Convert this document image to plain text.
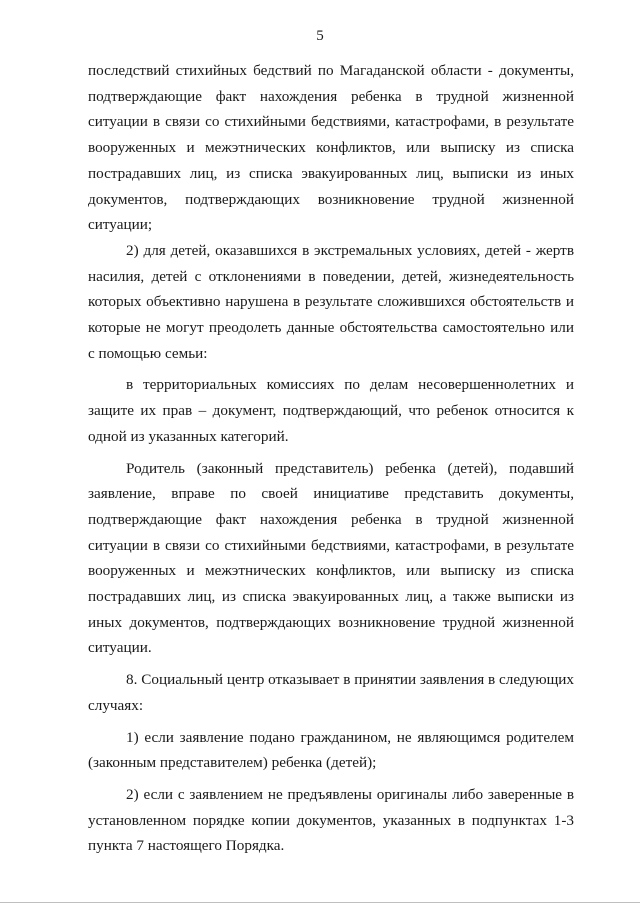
5

последствий стихийных бедствий по Магаданской области - документы, подтверждающие факт нахождения ребенка в трудной жизненной ситуации в связи со стихийными бедствиями, катастрофами, в результате вооруженных и межэтнических конфликтов, или выписку из списка пострадавших лиц, из списка эвакуированных лиц, выписки из иных документов, подтверждающих возникновение трудной жизненной ситуации;

2) для детей, оказавшихся в экстремальных условиях, детей - жертв насилия, детей с отклонениями в поведении, детей, жизнедеятельность которых объективно нарушена в результате сложившихся обстоятельств и которые не могут преодолеть данные обстоятельства самостоятельно или с помощью семьи:

в территориальных комиссиях по делам несовершеннолетних и защите их прав – документ, подтверждающий, что ребенок относится к одной из указанных категорий.

Родитель (законный представитель) ребенка (детей), подавший заявление, вправе по своей инициативе представить документы, подтверждающие факт нахождения ребенка в трудной жизненной ситуации в связи со стихийными бедствиями, катастрофами, в результате вооруженных и межэтнических конфликтов, или выписку из списка пострадавших лиц, из списка эвакуированных лиц, а также выписки из иных документов, подтверждающих возникновение трудной жизненной ситуации.

8. Социальный центр отказывает в принятии заявления в следующих случаях:

1) если заявление подано гражданином, не являющимся родителем (законным представителем) ребенка (детей);

2) если с заявлением не предъявлены оригиналы либо заверенные в установленном порядке копии документов, указанных в подпунктах 1-3 пункта 7 настоящего Порядка.
